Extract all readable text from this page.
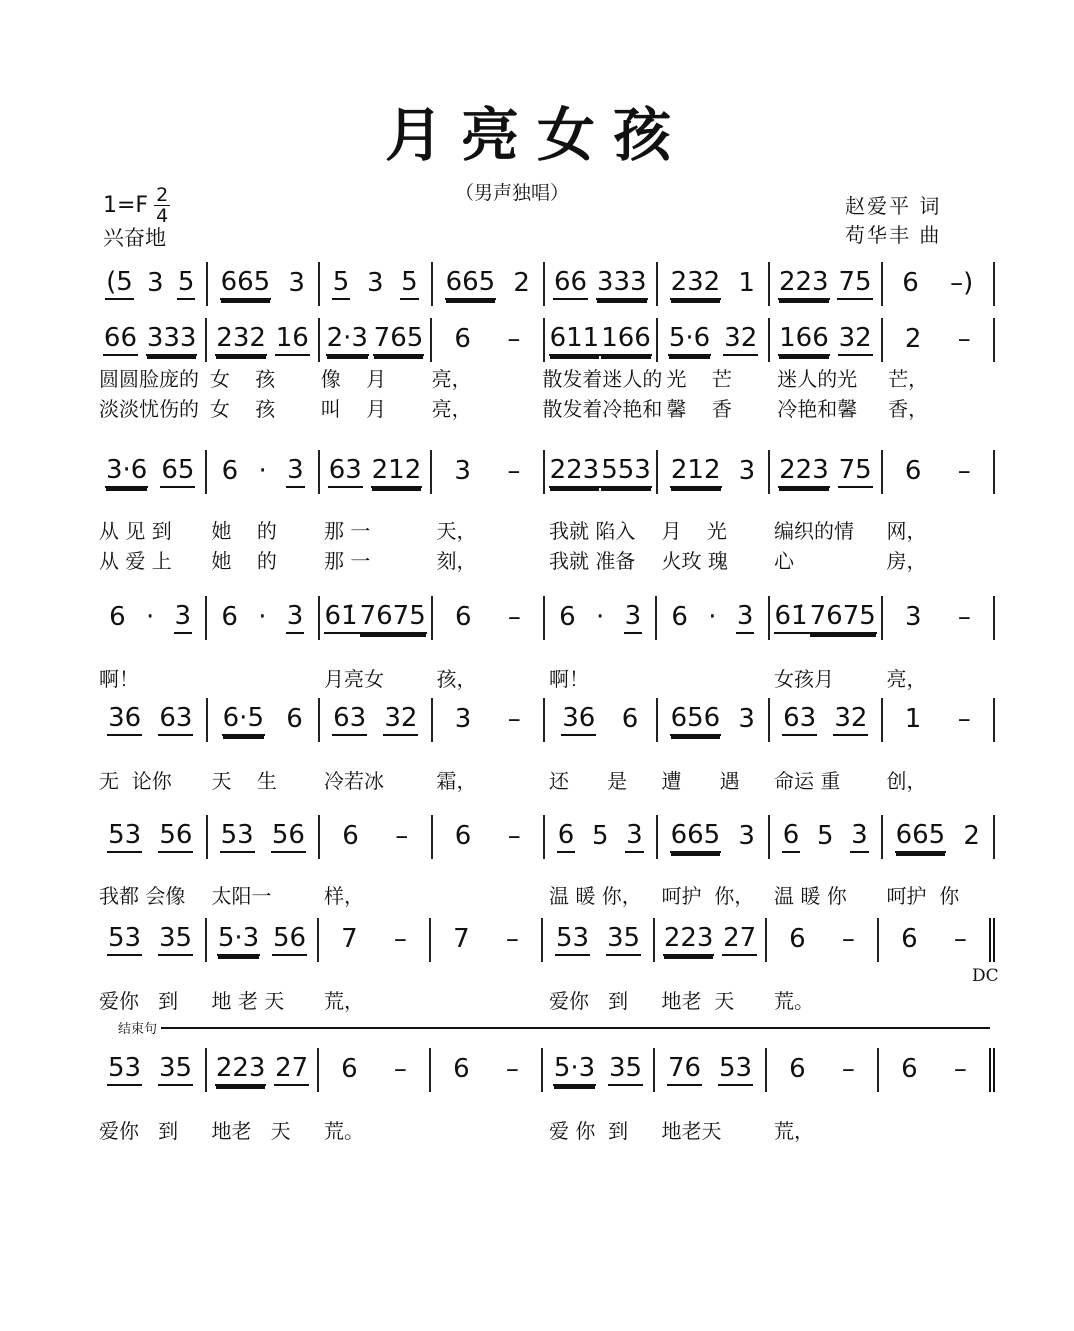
月亮女孩
（男声独唱）
$1=F \frac{2}{4}$
兴奋地
赵爱平 词
苟华丰 曲
(5 3 5 665 3 5 3 5 665 2 66 333 232 1 223 75 6 –)
66 333 232 16 2·3 765 6 – 611 166 5·6 32 166 32 2 –
圆圆脸庞的 女    孩	像    月	亮，	散发着迷人的 光    芒	迷人的光	芒，
淡淡忧伤的 女    孩	叫    月	亮，	散发着冷艳和 馨    香	冷艳和馨	香，
3·6 65 6 · 3 63 212 3 – 223 553 212 3 223 75 6 –
从 见 到	她    的	那 一	天，	我就 陷入	月    光	编织的情	网，
从 爱 上	她    的	那 一	刻，	我就 准备	火玫 瑰	心	房，
6 · 3 6 · 3 61̇ 7675 6 – 6 · 3 6 · 3 61̇ 7675 3 –
啊！	月亮女	孩，	啊！	女孩月	亮，
36 63 6·5 6 63 32 3 – 36 6 656 3 63 32 1 –
无  论你	天    生	冷若冰	霜，	还      是	遭      遇	命运 重	创，
53 56 53 56 6 – 6 – 6 5 3 665 3 6 5 3 665 2
我都 会像	太阳一	样，	温 暖 你， 呵护  你， 温 暖 你	呵护  你
53 35 5·3 56 7 – 7 – 53 35 223 27 6 – 6 –
爱你   到	地 老 天	荒，	爱你   到	地老  天	荒。
53 35 223 27 6 – 6 – 5·3 35 76 53 6 – 6 –
爱你   到	地老   天	荒。	爱 你  到	地老天	荒，
DC
结束句
